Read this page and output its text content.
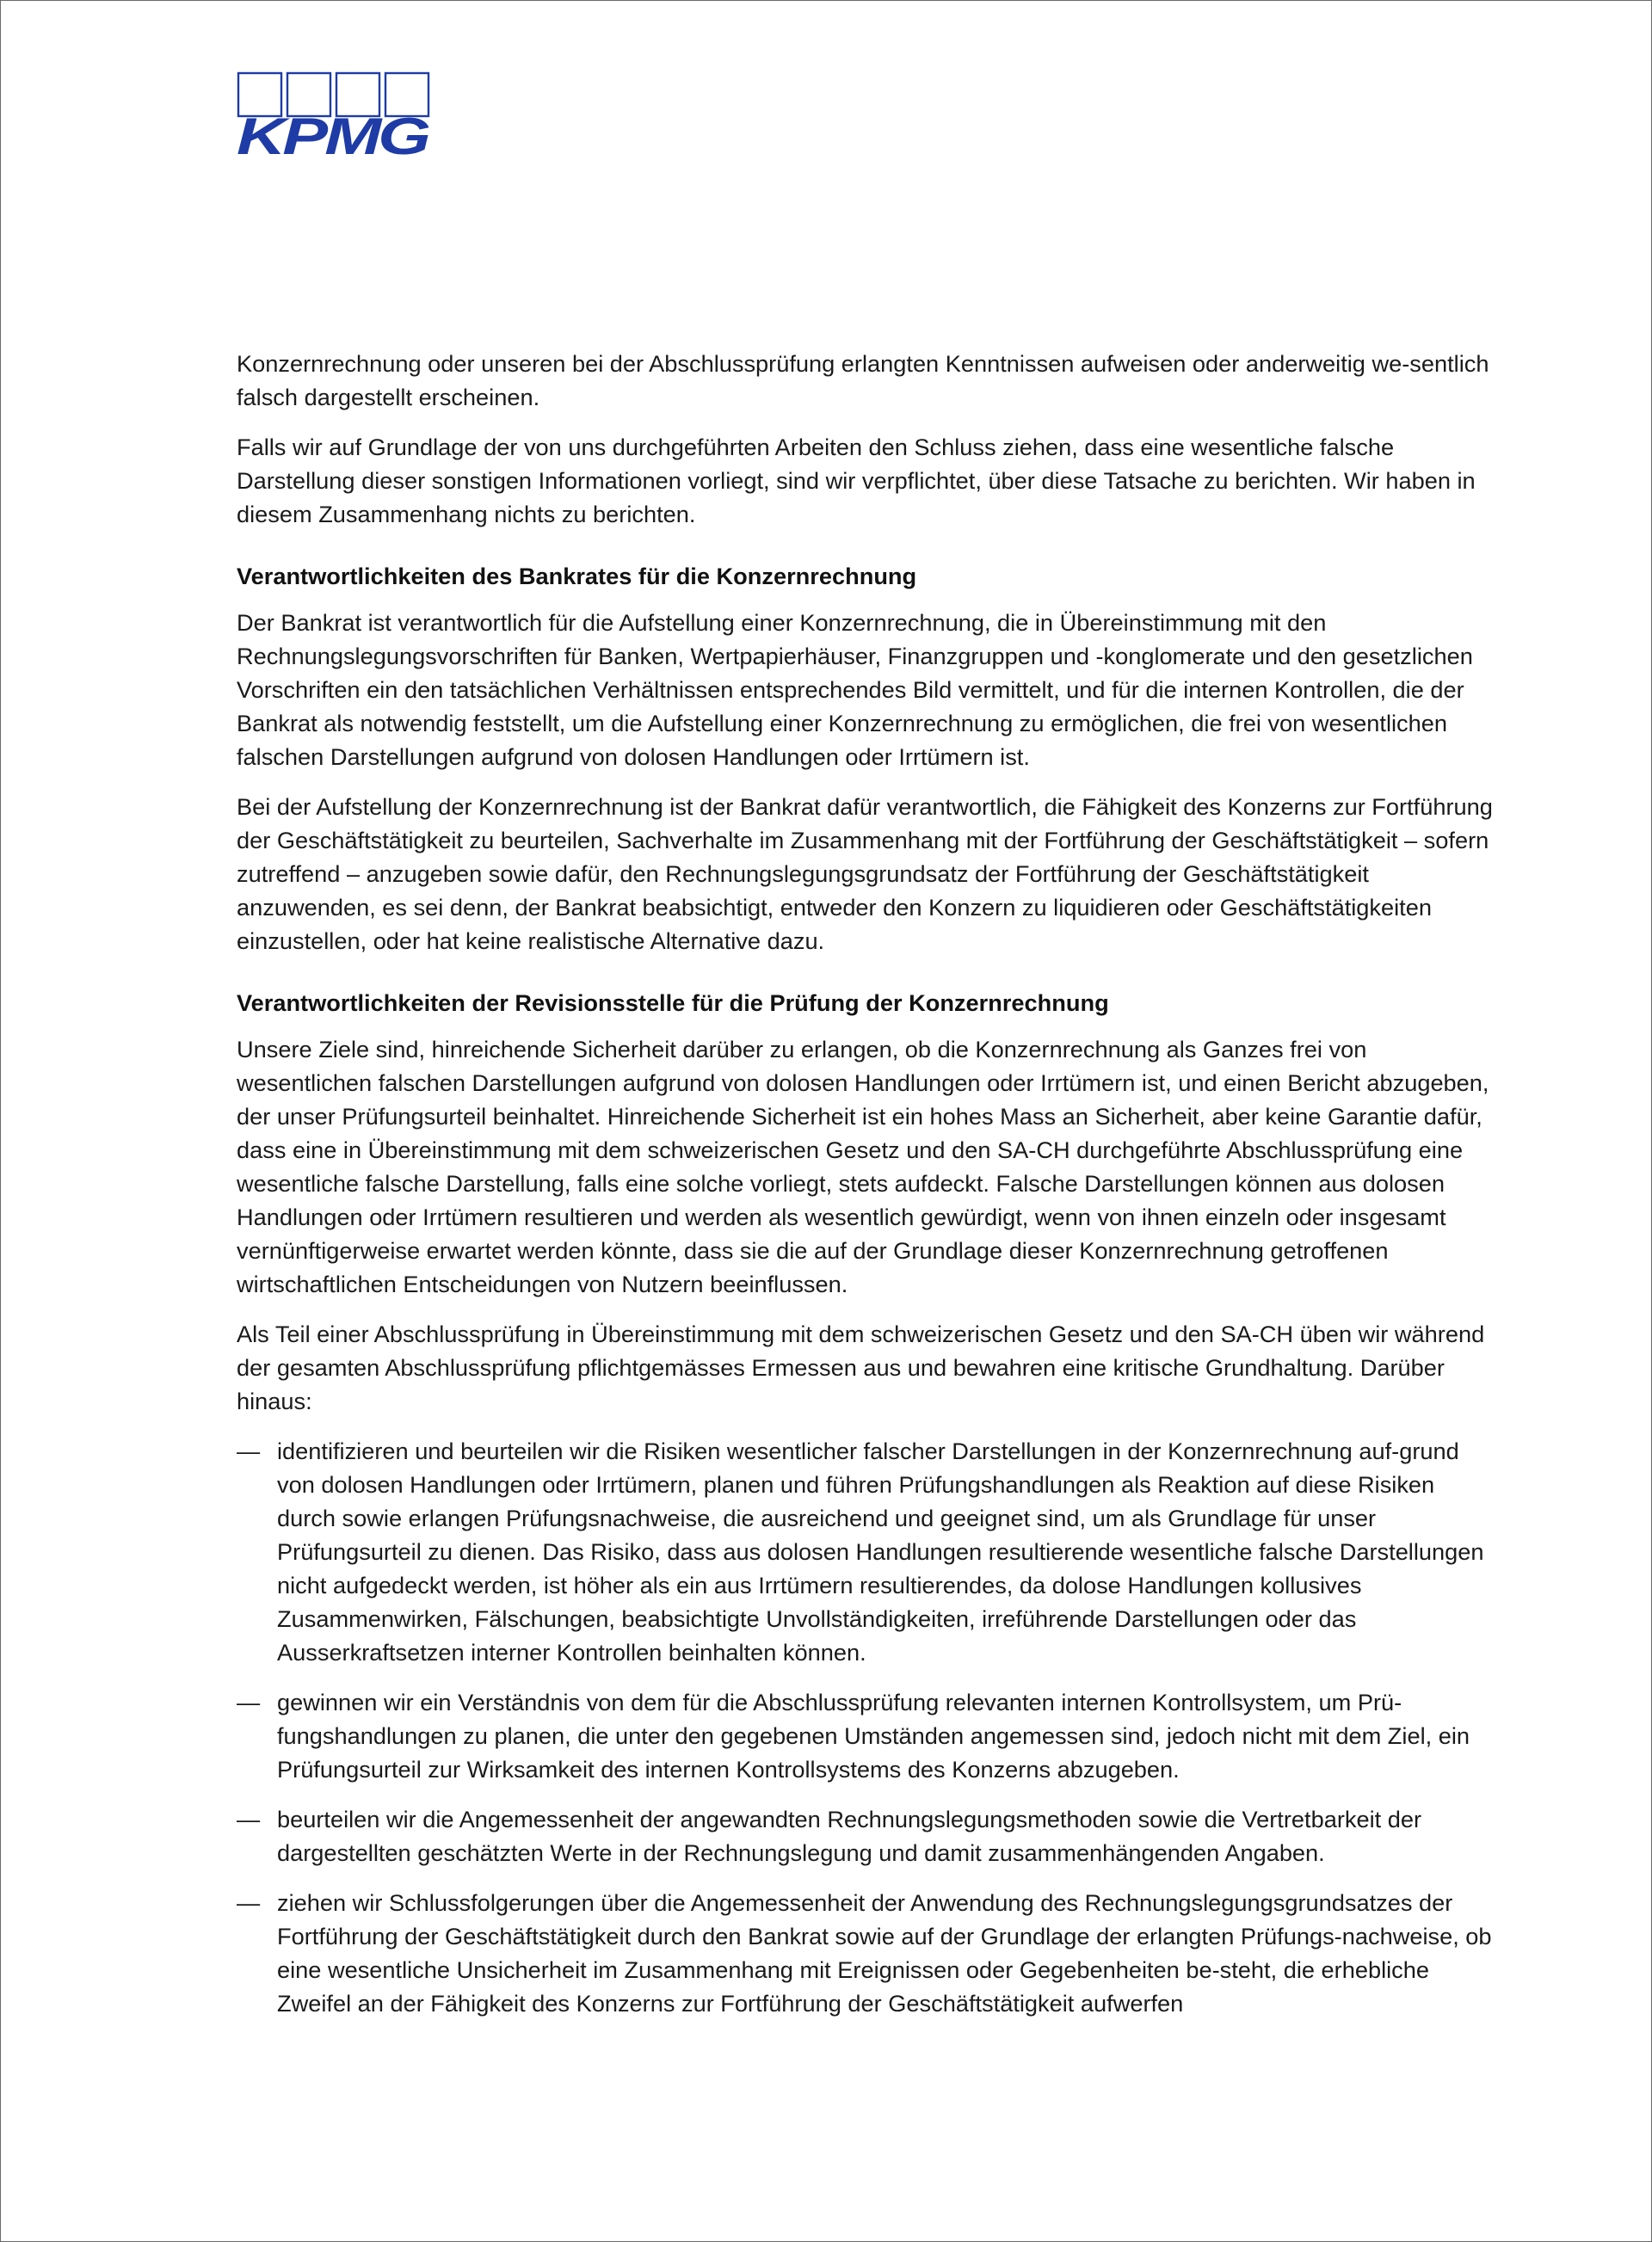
KPMG

Konzernrechnung oder unseren bei der Abschlussprüfung erlangten Kenntnissen aufweisen oder anderweitig we-sentlich falsch dargestellt erscheinen.

Falls wir auf Grundlage der von uns durchgeführten Arbeiten den Schluss ziehen, dass eine wesentliche falsche Darstellung dieser sonstigen Informationen vorliegt, sind wir verpflichtet, über diese Tatsache zu berichten. Wir haben in diesem Zusammenhang nichts zu berichten.

Verantwortlichkeiten des Bankrates für die Konzernrechnung

Der Bankrat ist verantwortlich für die Aufstellung einer Konzernrechnung, die in Übereinstimmung mit den Rechnungslegungsvorschriften für Banken, Wertpapierhäuser, Finanzgruppen und -konglomerate und den gesetzlichen Vorschriften ein den tatsächlichen Verhältnissen entsprechendes Bild vermittelt, und für die internen Kontrollen, die der Bankrat als notwendig feststellt, um die Aufstellung einer Konzernrechnung zu ermöglichen, die frei von wesentlichen falschen Darstellungen aufgrund von dolosen Handlungen oder Irrtümern ist.

Bei der Aufstellung der Konzernrechnung ist der Bankrat dafür verantwortlich, die Fähigkeit des Konzerns zur Fortführung der Geschäftstätigkeit zu beurteilen, Sachverhalte im Zusammenhang mit der Fortführung der Geschäftstätigkeit – sofern zutreffend – anzugeben sowie dafür, den Rechnungslegungsgrundsatz der Fortführung der Geschäftstätigkeit anzuwenden, es sei denn, der Bankrat beabsichtigt, entweder den Konzern zu liquidieren oder Geschäftstätigkeiten einzustellen, oder hat keine realistische Alternative dazu.

Verantwortlichkeiten der Revisionsstelle für die Prüfung der Konzernrechnung

Unsere Ziele sind, hinreichende Sicherheit darüber zu erlangen, ob die Konzernrechnung als Ganzes frei von wesentlichen falschen Darstellungen aufgrund von dolosen Handlungen oder Irrtümern ist, und einen Bericht abzugeben, der unser Prüfungsurteil beinhaltet. Hinreichende Sicherheit ist ein hohes Mass an Sicherheit, aber keine Garantie dafür, dass eine in Übereinstimmung mit dem schweizerischen Gesetz und den SA-CH durchgeführte Abschlussprüfung eine wesentliche falsche Darstellung, falls eine solche vorliegt, stets aufdeckt. Falsche Darstellungen können aus dolosen Handlungen oder Irrtümern resultieren und werden als wesentlich gewürdigt, wenn von ihnen einzeln oder insgesamt vernünftigerweise erwartet werden könnte, dass sie die auf der Grundlage dieser Konzernrechnung getroffenen wirtschaftlichen Entscheidungen von Nutzern beeinflussen.

Als Teil einer Abschlussprüfung in Übereinstimmung mit dem schweizerischen Gesetz und den SA-CH üben wir während der gesamten Abschlussprüfung pflichtgemässes Ermessen aus und bewahren eine kritische Grundhaltung. Darüber hinaus:

— identifizieren und beurteilen wir die Risiken wesentlicher falscher Darstellungen in der Konzernrechnung auf-grund von dolosen Handlungen oder Irrtümern, planen und führen Prüfungshandlungen als Reaktion auf diese Risiken durch sowie erlangen Prüfungsnachweise, die ausreichend und geeignet sind, um als Grundlage für unser Prüfungsurteil zu dienen. Das Risiko, dass aus dolosen Handlungen resultierende wesentliche falsche Darstellungen nicht aufgedeckt werden, ist höher als ein aus Irrtümern resultierendes, da dolose Handlungen kollusives Zusammenwirken, Fälschungen, beabsichtigte Unvollständigkeiten, irreführende Darstellungen oder das Ausserkraftsetzen interner Kontrollen beinhalten können.
— gewinnen wir ein Verständnis von dem für die Abschlussprüfung relevanten internen Kontrollsystem, um Prü-fungshandlungen zu planen, die unter den gegebenen Umständen angemessen sind, jedoch nicht mit dem Ziel, ein Prüfungsurteil zur Wirksamkeit des internen Kontrollsystems des Konzerns abzugeben.
— beurteilen wir die Angemessenheit der angewandten Rechnungslegungsmethoden sowie die Vertretbarkeit der dargestellten geschätzten Werte in der Rechnungslegung und damit zusammenhängenden Angaben.
— ziehen wir Schlussfolgerungen über die Angemessenheit der Anwendung des Rechnungslegungsgrundsatzes der Fortführung der Geschäftstätigkeit durch den Bankrat sowie auf der Grundlage der erlangten Prüfungs-nachweise, ob eine wesentliche Unsicherheit im Zusammenhang mit Ereignissen oder Gegebenheiten be-steht, die erhebliche Zweifel an der Fähigkeit des Konzerns zur Fortführung der Geschäftstätigkeit aufwerfen
